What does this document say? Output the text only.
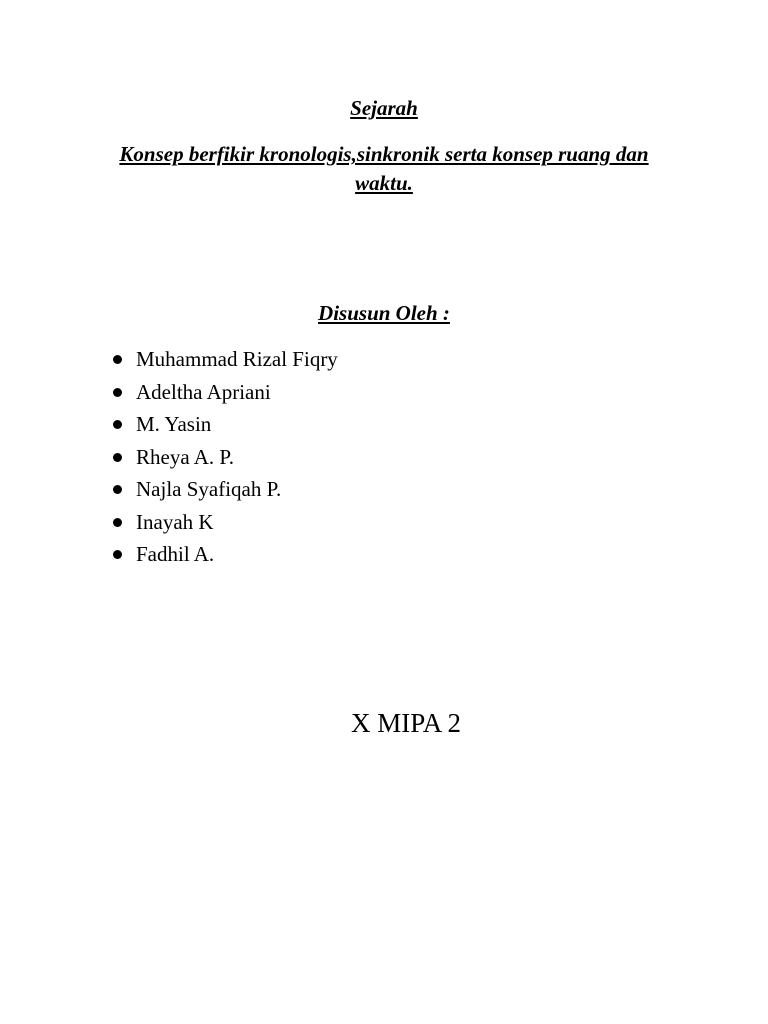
Sejarah
Konsep berfikir kronologis,sinkronik serta konsep ruang dan waktu.
Disusun Oleh :
Muhammad Rizal Fiqry
Adeltha Apriani
M. Yasin
Rheya A. P.
Najla Syafiqah P.
Inayah K
Fadhil A.
X MIPA 2
